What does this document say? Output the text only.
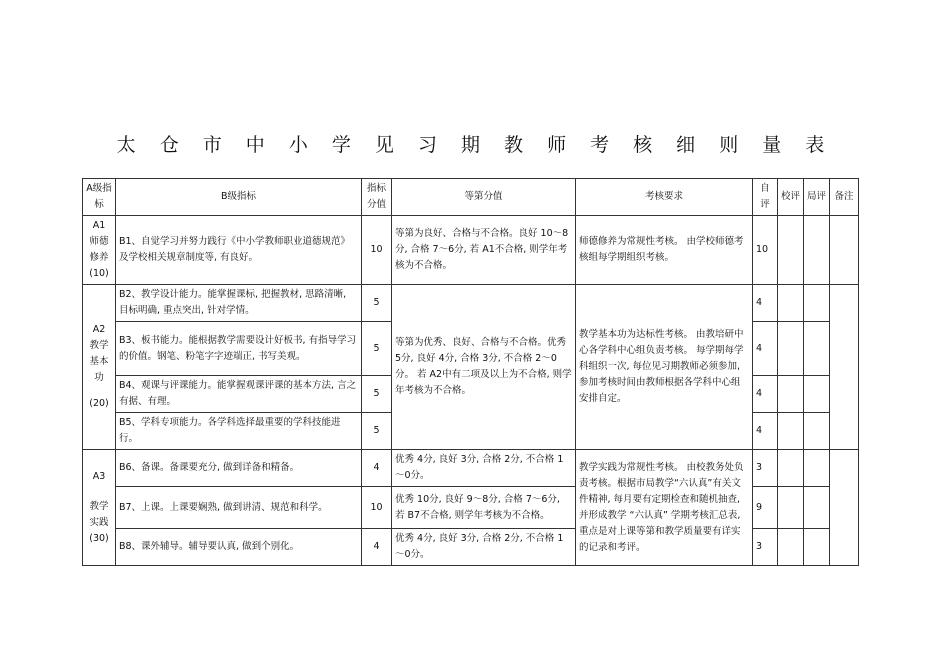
太 仓 市 中 小 学 见 习 期 教 师 考 核 细 则 量 表
A级指标	B级指标	指标分值	等第分值	考核要求	自评	校评	局评	备注

A1
师德修养(10)	B1、自觉学习并努力践行《中小学教师职业道德规范》及学校相关规章制度等, 有良好。	10	等第为良好、合格与不合格。良好 10～8分, 合格 7～6分, 若 A1不合格, 则学年考核为不合格。	师德修养为常规性考核。 由学校师德考核组每学期组织考核。	10			

A2
教学基本功
(20)	B2、教学设计能力。能掌握课标, 把握教材, 思路清晰, 目标明确, 重点突出, 针对学情。	5	等第为优秀、良好、合格与不合格。优秀 5分, 良好 4分, 合格 3分, 不合格 2～0分。 若 A2中有二项及以上为不合格, 则学年考核为不合格。	教学基本功为达标性考核。 由教培研中心各学科中心组负责考核。 每学期每学科组织一次, 每位见习期教师必须参加, 参加考核时间由教师根据各学科中心组安排自定。	4			
	B3、板书能力。能根据教学需要设计好板书, 有指导学习的价值。钢笔、粉笔字字迹端正, 书写美观。	5			4			
	B4、观课与评课能力。能掌握观课评课的基本方法, 言之有据、有理。	5			4			
	B5、学科专项能力。各学科选择最重要的学科技能进行。	5			4			

A3
教学实践(30)	B6、备课。备课要充分, 做到详备和精备。	4	优秀 4分, 良好 3分, 合格 2分, 不合格 1～0分。	教学实践为常规性考核。 由校教务处负责考核。根据市局教学“六认真”有关文件精神, 每月要有定期检查和随机抽查, 并形成教学 “六认真” 学期考核汇总表, 重点是对上课等第和教学质量要有详实的记录和考评。	3			
	B7、上课。上课要娴熟, 做到讲清、规范和科学。	10	优秀 10分, 良好 9～8分, 合格 7～6分, 若 B7不合格, 则学年考核为不合格。		9			
	B8、课外辅导。辅导要认真, 做到个别化。	4	优秀 4分, 良好 3分, 合格 2分, 不合格 1～0分。		3			
